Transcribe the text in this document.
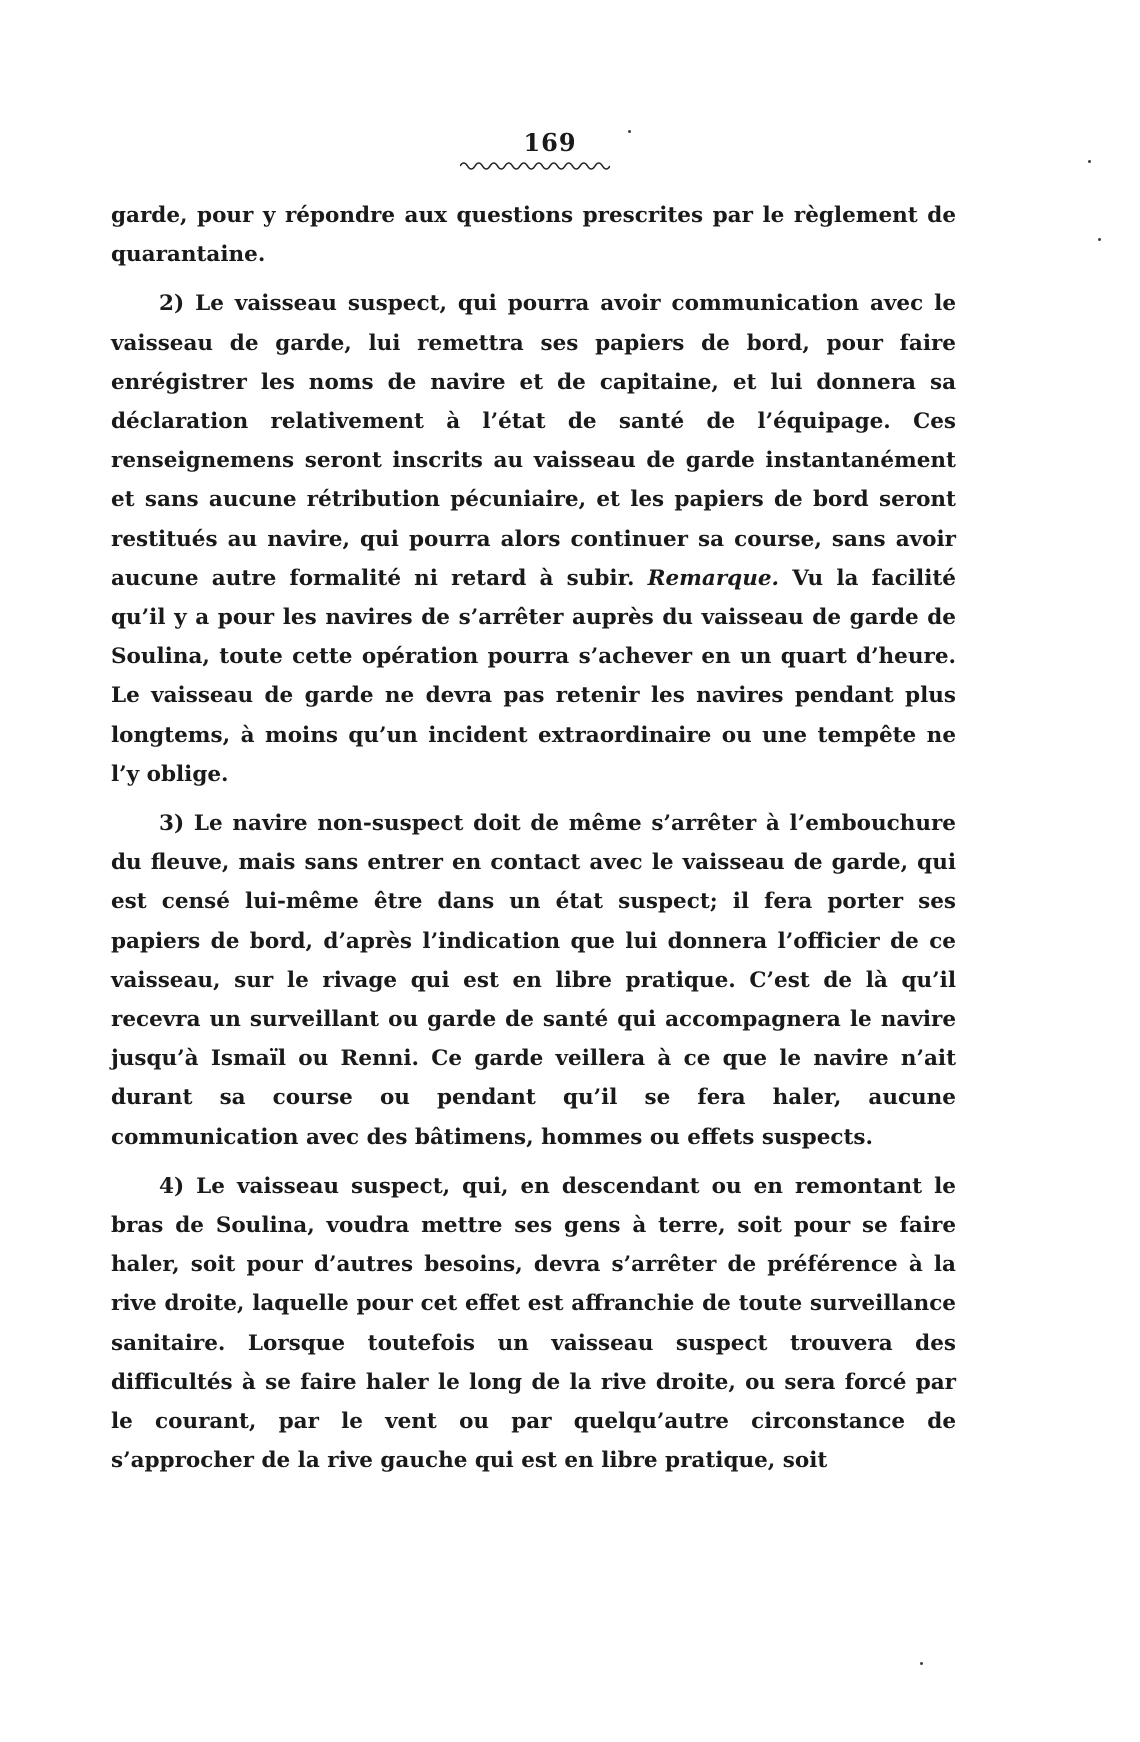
169

garde, pour y répondre aux questions prescrites par le règlement de quarantaine.

2) Le vaisseau suspect, qui pourra avoir communication avec le vaisseau de garde, lui remettra ses papiers de bord, pour faire enrégistrer les noms de navire et de capitaine, et lui donnera sa déclaration relativement à l’état de santé de l’équipage. Ces renseignemens seront inscrits au vaisseau de garde instantanément et sans aucune rétribution pécuniaire, et les papiers de bord seront restitués au navire, qui pourra alors continuer sa course, sans avoir aucune autre formalité ni retard à subir. Remarque. Vu la facilité qu’il y a pour les navires de s’arrêter auprès du vaisseau de garde de Soulina, toute cette opération pourra s’achever en un quart d’heure. Le vaisseau de garde ne devra pas retenir les navires pendant plus longtems, à moins qu’un incident extraordinaire ou une tempête ne l’y oblige.

3) Le navire non-suspect doit de même s’arrêter à l’embouchure du fleuve, mais sans entrer en contact avec le vaisseau de garde, qui est censé lui-même être dans un état suspect; il fera porter ses papiers de bord, d’après l’indication que lui donnera l’officier de ce vaisseau, sur le rivage qui est en libre pratique. C’est de là qu’il recevra un surveillant ou garde de santé qui accompagnera le navire jusqu’à Ismaïl ou Renni. Ce garde veillera à ce que le navire n’ait durant sa course ou pendant qu’il se fera haler, aucune communication avec des bâtimens, hommes ou effets suspects.

4) Le vaisseau suspect, qui, en descendant ou en remontant le bras de Soulina, voudra mettre ses gens à terre, soit pour se faire haler, soit pour d’autres besoins, devra s’arrêter de préférence à la rive droite, laquelle pour cet effet est affranchie de toute surveillance sanitaire. Lorsque toutefois un vaisseau suspect trouvera des difficultés à se faire haler le long de la rive droite, ou sera forcé par le courant, par le vent ou par quelqu’autre circonstance de s’approcher de la rive gauche qui est en libre pratique, soit
